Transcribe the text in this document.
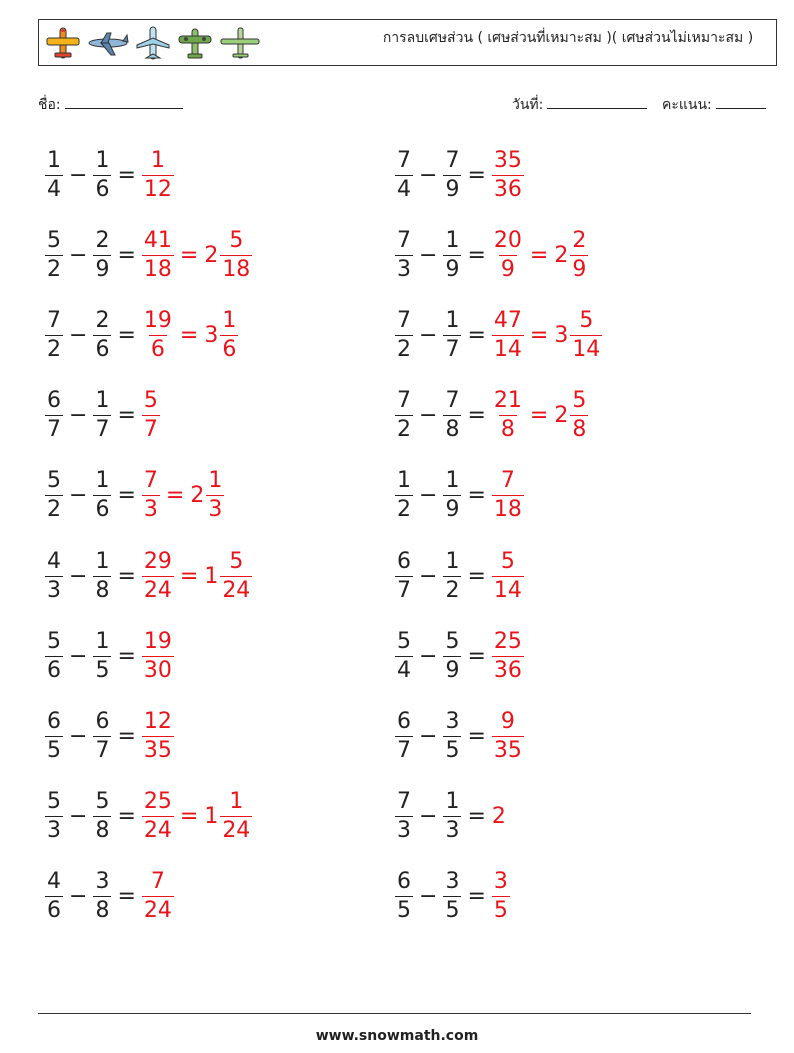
การลบเศษส่วน ( เศษส่วนที่เหมาะสม )( เศษส่วนไม่เหมาะสม )
ชื่อ:	วันที่:	คะแนน:
$\frac{1}{4} - \frac{1}{6} = \frac{1}{12}$	$\frac{7}{4} - \frac{7}{9} = \frac{35}{36}$
$\frac{5}{2} - \frac{2}{9} = \frac{41}{18} = 2 \frac{5}{18}$	$\frac{7}{3} - \frac{1}{9} = \frac{20}{9} = 2 \frac{2}{9}$
$\frac{7}{2} - \frac{2}{6} = \frac{19}{6} = 3 \frac{1}{6}$	$\frac{7}{2} - \frac{1}{7} = \frac{47}{14} = 3 \frac{5}{14}$
$\frac{6}{7} - \frac{1}{7} = \frac{5}{7}$	$\frac{7}{2} - \frac{7}{8} = \frac{21}{8} = 2 \frac{5}{8}$
$\frac{5}{2} - \frac{1}{6} = \frac{7}{3} = 2 \frac{1}{3}$	$\frac{1}{2} - \frac{1}{9} = \frac{7}{18}$
$\frac{4}{3} - \frac{1}{8} = \frac{29}{24} = 1 \frac{5}{24}$	$\frac{6}{7} - \frac{1}{2} = \frac{5}{14}$
$\frac{5}{6} - \frac{1}{5} = \frac{19}{30}$	$\frac{5}{4} - \frac{5}{9} = \frac{25}{36}$
$\frac{6}{5} - \frac{6}{7} = \frac{12}{35}$	$\frac{6}{7} - \frac{3}{5} = \frac{9}{35}$
$\frac{5}{3} - \frac{5}{8} = \frac{25}{24} = 1 \frac{1}{24}$	$\frac{7}{3} - \frac{1}{3} = 2$
$\frac{4}{6} - \frac{3}{8} = \frac{7}{24}$	$\frac{6}{5} - \frac{3}{5} = \frac{3}{5}$
www.snowmath.com
